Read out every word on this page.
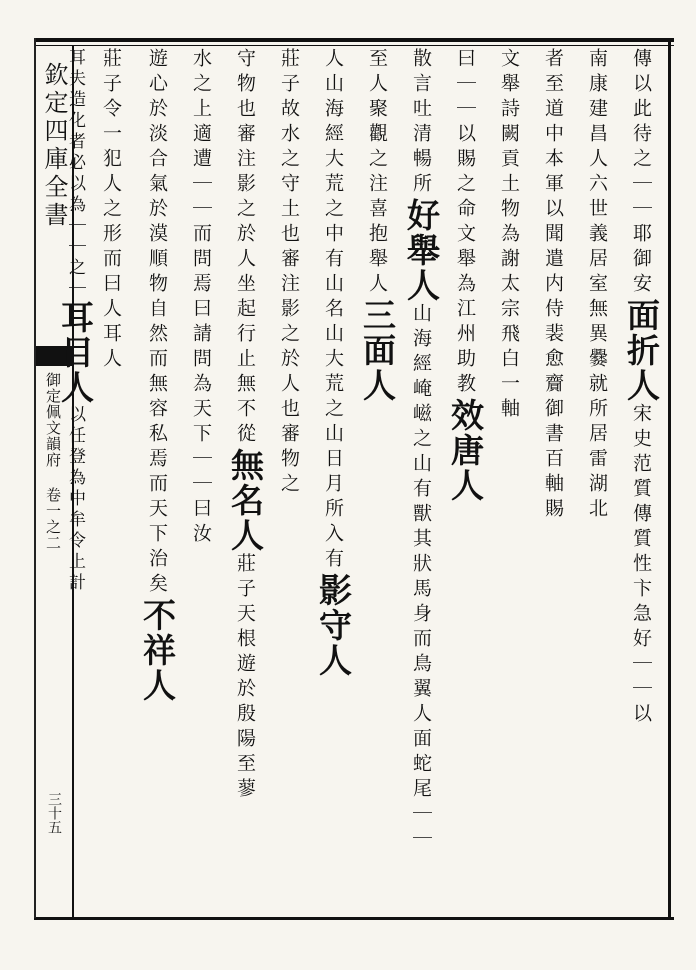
欽定四庫全書
御定佩文韻府 卷一之二
三十五
傳以此待之｜｜耶御安面折人宋史范質傳質性卞急好｜｜以
南康建昌人六世義居室無異爨就所居雷湖北
者至道中本軍以聞遣内侍裴愈齎御書百軸賜
文舉詩闕貢土物為謝太宗飛白一軸
曰｜｜以賜之命文舉為江州助教效唐人
散言吐清暢所好舉人山海經崦嵫之山有獸其狀馬身而鳥翼人面蛇尾｜｜
至人聚觀之注喜抱舉人三面人
人山海經大荒之中有山名山大荒之山日月所入有影守人
莊子故水之守土也審注影之於人也審物之
守物也審注影之於人坐起行止無不從無名人莊子天根遊於殷陽至蓼
水之上適遭｜｜而問焉曰請問為天下｜｜曰汝
遊心於淡合氣於漠順物自然而無容私焉而天下治矣不祥人
莊子令一犯人之形而曰人耳人
耳夫造化者必以為｜｜之｜耳目人以任登為中牟令上計
